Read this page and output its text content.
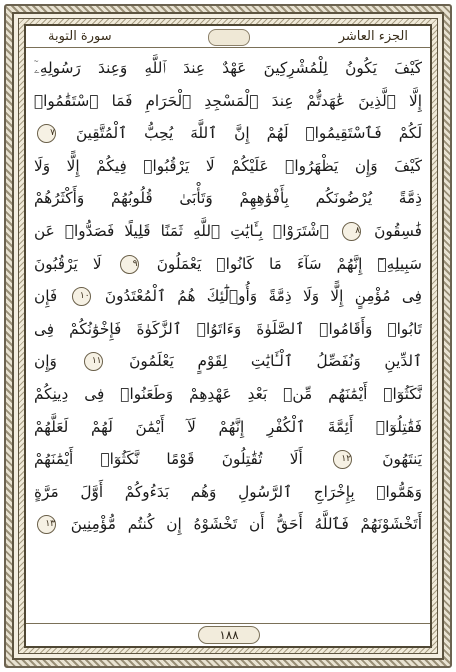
سورة التوبة	الجزء العاشر
كَيْفَ يَكُونُ لِلْمُشْرِكِينَ عَهْدٌ عِندَ ٱللَّهِ وَعِندَ رَسُولِهِۦٓ
إِلَّا ٱلَّذِينَ عَٰهَدتُّمْ عِندَ ٱلْمَسْجِدِ ٱلْحَرَامِ فَمَا ٱسْتَقَٰمُوا۟
لَكُمْ فَٱسْتَقِيمُوا۟ لَهُمْ إِنَّ ٱللَّهَ يُحِبُّ ٱلْمُتَّقِينَ ٧
كَيْفَ وَإِن يَظْهَرُوا۟ عَلَيْكُمْ لَا يَرْقُبُوا۟ فِيكُمْ إِلًّا وَلَا
ذِمَّةً يُرْضُونَكُم بِأَفْوَٰهِهِمْ وَتَأْبَىٰ قُلُوبُهُمْ وَأَكْثَرُهُمْ
فَٰسِقُونَ ٨ ٱشْتَرَوْا۟ بِـَٔايَٰتِ ٱللَّهِ ثَمَنًا قَلِيلًا فَصَدُّوا۟ عَن
سَبِيلِهِۦٓ إِنَّهُمْ سَآءَ مَا كَانُوا۟ يَعْمَلُونَ ٩ لَا يَرْقُبُونَ
فِى مُؤْمِنٍ إِلًّا وَلَا ذِمَّةً وَأُو۟لَٰٓئِكَ هُمُ ٱلْمُعْتَدُونَ ١٠ فَإِن
تَابُوا۟ وَأَقَامُوا۟ ٱلصَّلَوٰةَ وَءَاتَوُا۟ ٱلزَّكَوٰةَ فَإِخْوَٰنُكُمْ فِى
ٱلدِّينِ وَنُفَصِّلُ ٱلْـَٔايَٰتِ لِقَوْمٍ يَعْلَمُونَ ١١ وَإِن
نَّكَثُوٓا۟ أَيْمَٰنَهُم مِّنۢ بَعْدِ عَهْدِهِمْ وَطَعَنُوا۟ فِى دِينِكُمْ
فَقَٰتِلُوٓا۟ أَئِمَّةَ ٱلْكُفْرِ إِنَّهُمْ لَآ أَيْمَٰنَ لَهُمْ لَعَلَّهُمْ
يَنتَهُونَ ١٢ أَلَا تُقَٰتِلُونَ قَوْمًا نَّكَثُوٓا۟ أَيْمَٰنَهُمْ
وَهَمُّوا۟ بِإِخْرَاجِ ٱلرَّسُولِ وَهُم بَدَءُوكُمْ أَوَّلَ مَرَّةٍ
أَتَخْشَوْنَهُمْ فَٱللَّهُ أَحَقُّ أَن تَخْشَوْهُ إِن كُنتُم مُّؤْمِنِينَ ١٣
١٨٨
